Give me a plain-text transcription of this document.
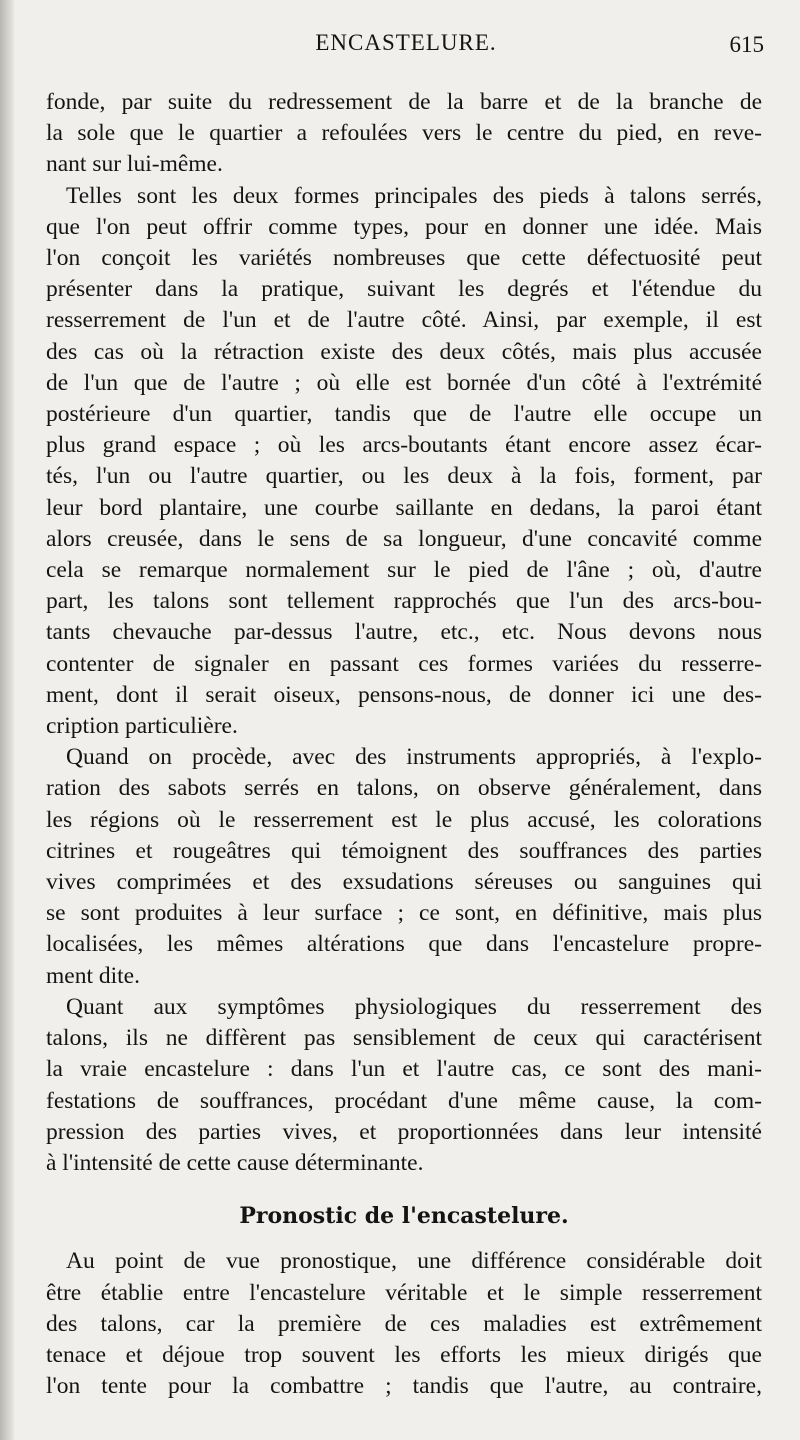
ENCASTELURE.	615
fonde, par suite du redressement de la barre et de la branche de
la sole que le quartier a refoulées vers le centre du pied, en reve-
nant sur lui-même.
Telles sont les deux formes principales des pieds à talons serrés,
que l'on peut offrir comme types, pour en donner une idée. Mais
l'on conçoit les variétés nombreuses que cette défectuosité peut
présenter dans la pratique, suivant les degrés et l'étendue du
resserrement de l'un et de l'autre côté. Ainsi, par exemple, il est
des cas où la rétraction existe des deux côtés, mais plus accusée
de l'un que de l'autre ; où elle est bornée d'un côté à l'extrémité
postérieure d'un quartier, tandis que de l'autre elle occupe un
plus grand espace ; où les arcs-boutants étant encore assez écar-
tés, l'un ou l'autre quartier, ou les deux à la fois, forment, par
leur bord plantaire, une courbe saillante en dedans, la paroi étant
alors creusée, dans le sens de sa longueur, d'une concavité comme
cela se remarque normalement sur le pied de l'âne ; où, d'autre
part, les talons sont tellement rapprochés que l'un des arcs-bou-
tants chevauche par-dessus l'autre, etc., etc. Nous devons nous
contenter de signaler en passant ces formes variées du resserre-
ment, dont il serait oiseux, pensons-nous, de donner ici une des-
cription particulière.
Quand on procède, avec des instruments appropriés, à l'explo-
ration des sabots serrés en talons, on observe généralement, dans
les régions où le resserrement est le plus accusé, les colorations
citrines et rougeâtres qui témoignent des souffrances des parties
vives comprimées et des exsudations séreuses ou sanguines qui
se sont produites à leur surface ; ce sont, en définitive, mais plus
localisées, les mêmes altérations que dans l'encastelure propre-
ment dite.
Quant aux symptômes physiologiques du resserrement des
talons, ils ne diffèrent pas sensiblement de ceux qui caractérisent
la vraie encastelure : dans l'un et l'autre cas, ce sont des mani-
festations de souffrances, procédant d'une même cause, la com-
pression des parties vives, et proportionnées dans leur intensité
à l'intensité de cette cause déterminante.
Pronostic de l'encastelure.
Au point de vue pronostique, une différence considérable doit
être établie entre l'encastelure véritable et le simple resserrement
des talons, car la première de ces maladies est extrêmement
tenace et déjoue trop souvent les efforts les mieux dirigés que
l'on tente pour la combattre ; tandis que l'autre, au contraire,
